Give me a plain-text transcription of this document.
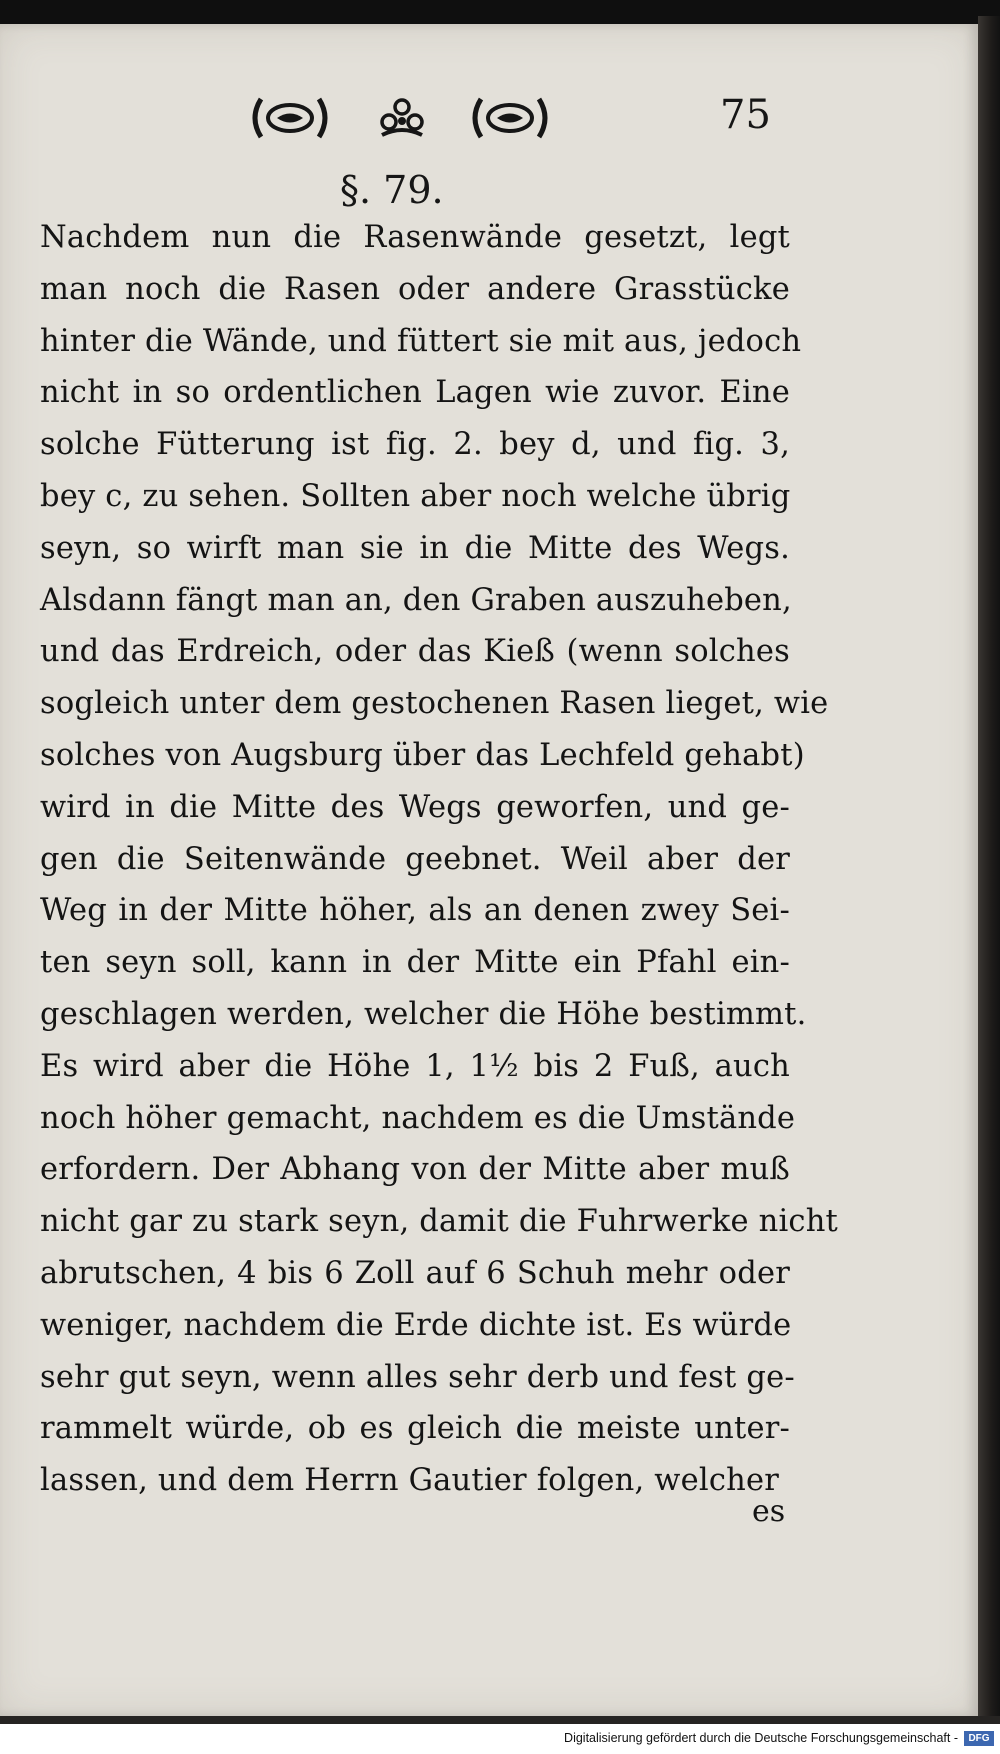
75
§. 79.
Nachdem nun die Rasenwände gesetzt, legt
man noch die Rasen oder andere Grasstücke
hinter die Wände, und füttert sie mit aus, jedoch
nicht in so ordentlichen Lagen wie zuvor. Eine
solche Fütterung ist fig. 2. bey d, und fig. 3,
bey c, zu sehen. Sollten aber noch welche übrig
seyn, so wirft man sie in die Mitte des Wegs.
Alsdann fängt man an, den Graben auszuheben,
und das Erdreich, oder das Kieß (wenn solches
sogleich unter dem gestochenen Rasen lieget, wie
solches von Augsburg über das Lechfeld gehabt)
wird in die Mitte des Wegs geworfen, und ge-
gen die Seitenwände geebnet. Weil aber der
Weg in der Mitte höher, als an denen zwey Sei-
ten seyn soll, kann in der Mitte ein Pfahl ein-
geschlagen werden, welcher die Höhe bestimmt.
Es wird aber die Höhe 1, 1½ bis 2 Fuß, auch
noch höher gemacht, nachdem es die Umstände
erfordern. Der Abhang von der Mitte aber muß
nicht gar zu stark seyn, damit die Fuhrwerke nicht
abrutschen, 4 bis 6 Zoll auf 6 Schuh mehr oder
weniger, nachdem die Erde dichte ist. Es würde
sehr gut seyn, wenn alles sehr derb und fest ge-
rammelt würde, ob es gleich die meiste unter-
lassen, und dem Herrn Gautier folgen, welcher
es
Digitalisierung gefördert durch die Deutsche Forschungsgemeinschaft -	DFG
